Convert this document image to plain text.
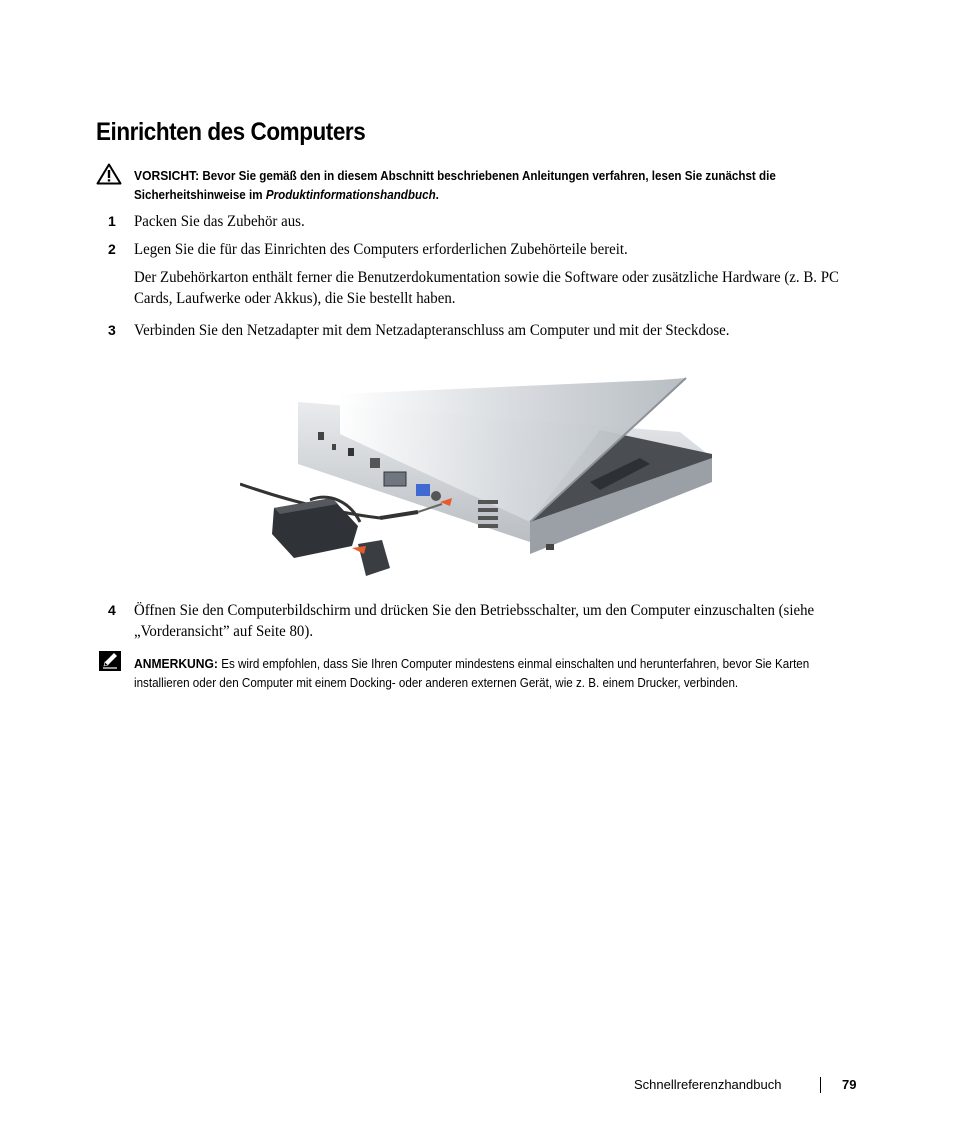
Einrichten des Computers
VORSICHT: Bevor Sie gemäß den in diesem Abschnitt beschriebenen Anleitungen verfahren, lesen Sie zunächst die Sicherheitshinweise im Produktinformationshandbuch.
1 Packen Sie das Zubehör aus.
2 Legen Sie die für das Einrichten des Computers erforderlichen Zubehörteile bereit.
Der Zubehörkarton enthält ferner die Benutzerdokumentation sowie die Software oder zusätzliche Hardware (z. B. PC Cards, Laufwerke oder Akkus), die Sie bestellt haben.
3 Verbinden Sie den Netzadapter mit dem Netzadapteranschluss am Computer und mit der Steckdose.
4 Öffnen Sie den Computerbildschirm und drücken Sie den Betriebsschalter, um den Computer einzuschalten (siehe „Vorderansicht” auf Seite 80).
ANMERKUNG: Es wird empfohlen, dass Sie Ihren Computer mindestens einmal einschalten und herunterfahren, bevor Sie Karten installieren oder den Computer mit einem Docking- oder anderen externen Gerät, wie z. B. einem Drucker, verbinden.
Schnellreferenzhandbuch	79
